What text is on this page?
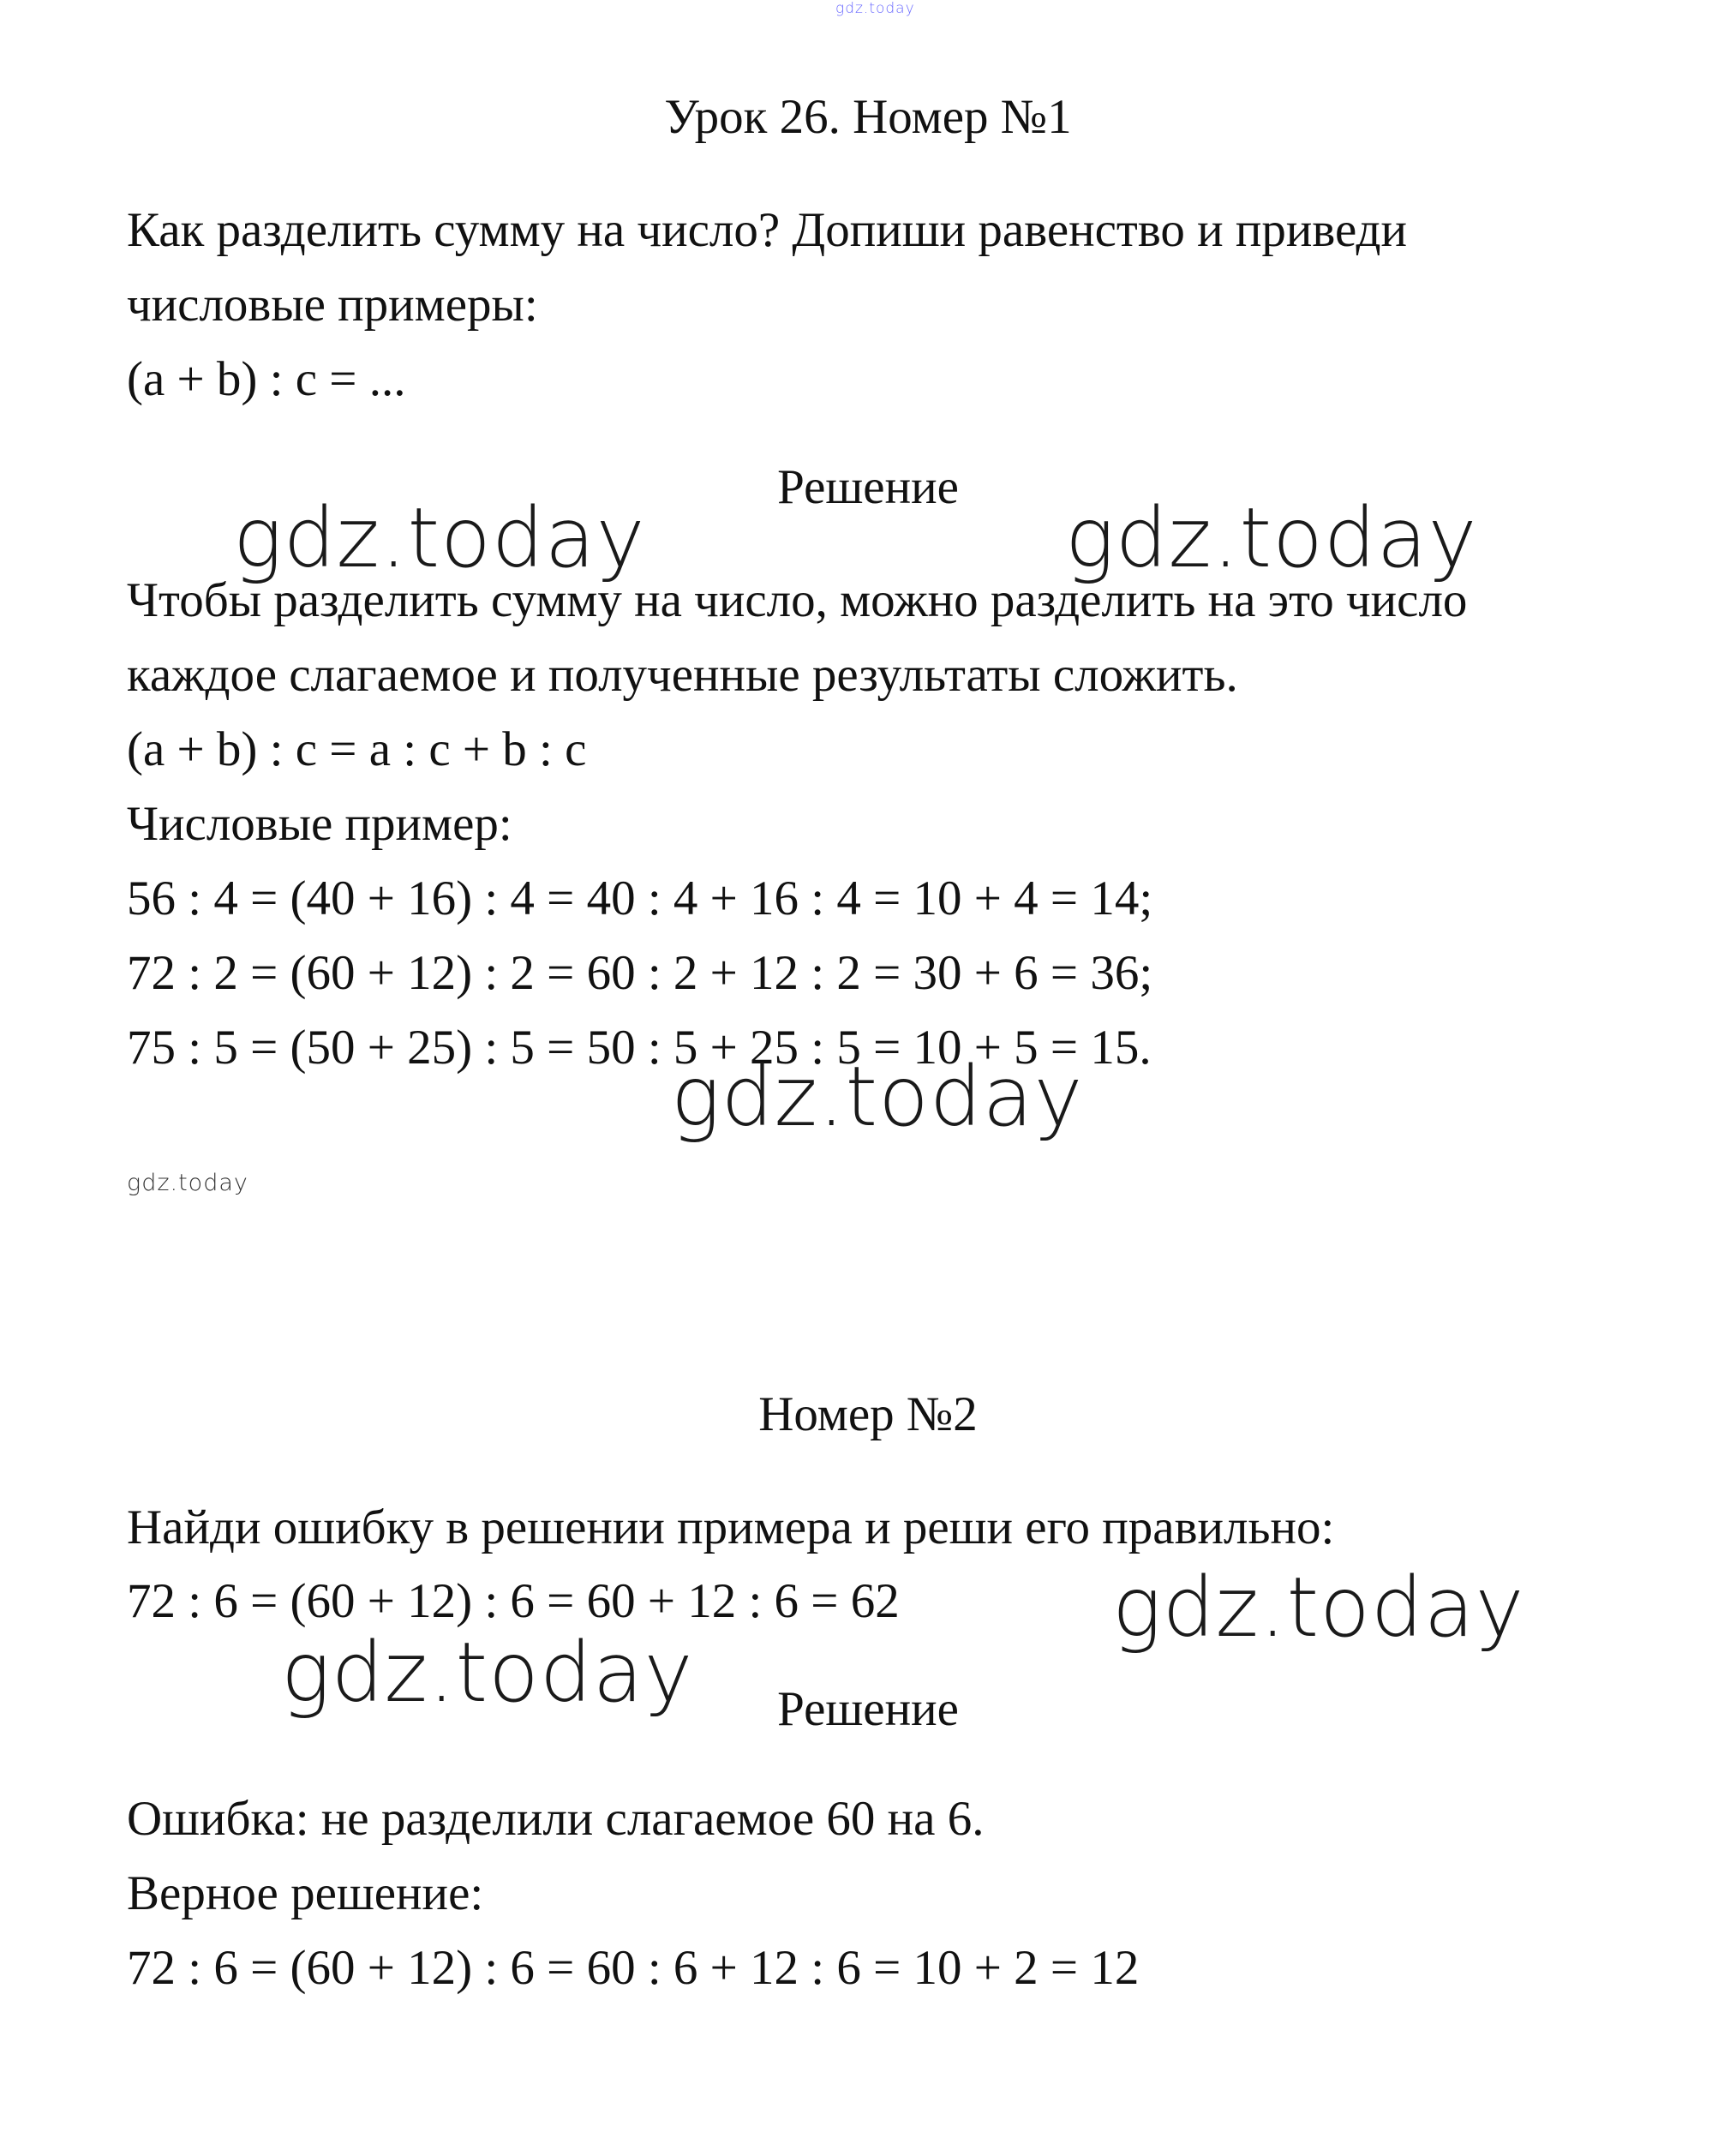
gdz.today
Урок 26. Номер №1
Как разделить сумму на число? Допиши равенство и приведи
числовые примеры:
(a + b) : c = ...
Решение
gdz.today	gdz.today
Чтобы разделить сумму на число, можно разделить на это число
каждое слагаемое и полученные результаты сложить.
(a + b) : c = a : c + b : c
Числовые пример:
56 : 4 = (40 + 16) : 4 = 40 : 4 + 16 : 4 = 10 + 4 = 14;
72 : 2 = (60 + 12) : 2 = 60 : 2 + 12 : 2 = 30 + 6 = 36;
75 : 5 = (50 + 25) : 5 = 50 : 5 + 25 : 5 = 10 + 5 = 15.
gdz.today
gdz.today
Номер №2
Найди ошибку в решении примера и реши его правильно:
72 : 6 = (60 + 12) : 6 = 60 + 12 : 6 = 62	gdz.today
gdz.today	Решение
Ошибка: не разделили слагаемое 60 на 6.
Верное решение:
72 : 6 = (60 + 12) : 6 = 60 : 6 + 12 : 6 = 10 + 2 = 12
